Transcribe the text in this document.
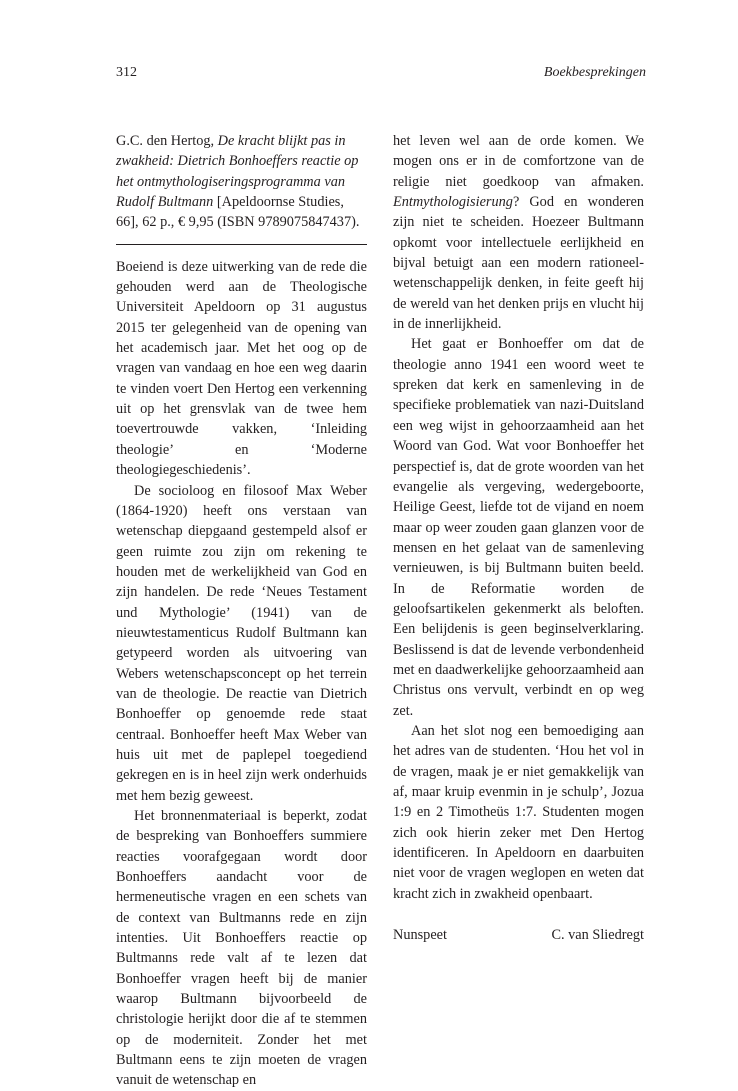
312	Boekbesprekingen

G.C. den Hertog, De kracht blijkt pas in zwakheid: Dietrich Bonhoeffers reactie op het ontmythologiseringsprogramma van Rudolf Bultmann [Apeldoornse Studies, 66], 62 p., € 9,95 (ISBN 9789075847437).

Boeiend is deze uitwerking van de rede die gehouden werd aan de Theologische Universiteit Apeldoorn op 31 augustus 2015 ter gelegenheid van de opening van het academisch jaar. Met het oog op de vragen van vandaag en hoe een weg daarin te vinden voert Den Hertog een verkenning uit op het grensvlak van de twee hem toevertrouwde vakken, ‘Inleiding theologie’ en ‘Moderne theologiegeschiedenis’.

De socioloog en filosoof Max Weber (1864-1920) heeft ons verstaan van wetenschap diepgaand gestempeld alsof er geen ruimte zou zijn om rekening te houden met de werkelijkheid van God en zijn handelen. De rede ‘Neues Testament und Mythologie’ (1941) van de nieuwtestamenticus Rudolf Bultmann kan getypeerd worden als uitvoering van Webers wetenschapsconcept op het terrein van de theologie. De reactie van Dietrich Bonhoeffer op genoemde rede staat centraal. Bonhoeffer heeft Max Weber van huis uit met de paplepel toegediend gekregen en is in heel zijn werk onderhuids met hem bezig geweest.

Het bronnenmateriaal is beperkt, zodat de bespreking van Bonhoeffers summiere reacties voorafgegaan wordt door Bonhoeffers aandacht voor de hermeneutische vragen en een schets van de context van Bultmanns rede en zijn intenties. Uit Bonhoeffers reactie op Bultmanns rede valt af te lezen dat Bonhoeffer vragen heeft bij de manier waarop Bultmann bijvoorbeeld de christologie herijkt door die af te stemmen op de moderniteit. Zonder het met Bultmann eens te zijn moeten de vragen vanuit de wetenschap en

het leven wel aan de orde komen. We mogen ons er in de comfortzone van de religie niet goedkoop van afmaken. Entmythologisierung? God en wonderen zijn niet te scheiden. Hoezeer Bultmann opkomt voor intellectuele eerlijkheid en bijval betuigt aan een modern rationeel-wetenschappelijk denken, in feite geeft hij de wereld van het denken prijs en vlucht hij in de innerlijkheid.

Het gaat er Bonhoeffer om dat de theologie anno 1941 een woord weet te spreken dat kerk en samenleving in de specifieke problematiek van nazi-Duitsland een weg wijst in gehoorzaamheid aan het Woord van God. Wat voor Bonhoeffer het perspectief is, dat de grote woorden van het evangelie als vergeving, wedergeboorte, Heilige Geest, liefde tot de vijand en noem maar op weer zouden gaan glanzen voor de mensen en het gelaat van de samenleving vernieuwen, is bij Bultmann buiten beeld. In de Reformatie worden de geloofsartikelen gekenmerkt als beloften. Een belijdenis is geen beginselverklaring. Beslissend is dat de levende verbondenheid met en daadwerkelijke gehoorzaamheid aan Christus ons vervult, verbindt en op weg zet.

Aan het slot nog een bemoediging aan het adres van de studenten. ‘Hou het vol in de vragen, maak je er niet gemakkelijk van af, maar kruip evenmin in je schulp’, Jozua 1:9 en 2 Timotheüs 1:7. Studenten mogen zich ook hierin zeker met Den Hertog identificeren. In Apeldoorn en daarbuiten niet voor de vragen weglopen en weten dat kracht zich in zwakheid openbaart.

Nunspeet	C. van Sliedregt
